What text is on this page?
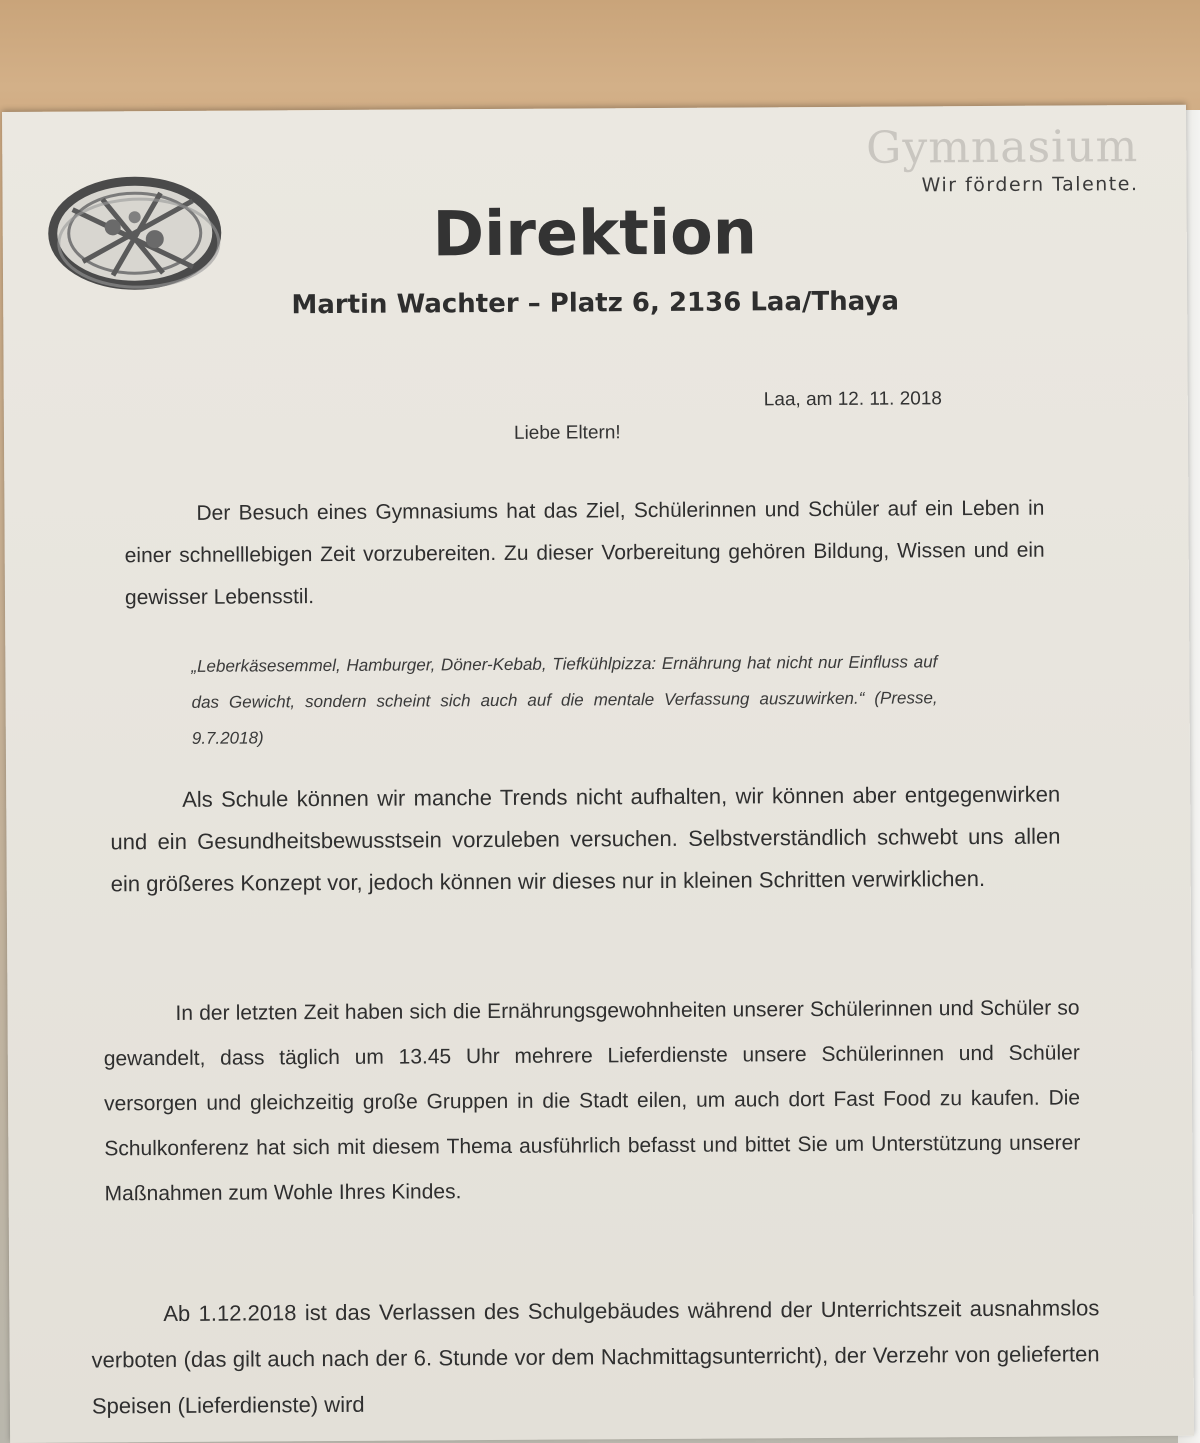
Gymnasium
Wir fördern Talente.
Direktion
Martin Wachter – Platz 6, 2136 Laa/Thaya
Laa, am 12. 11. 2018
Liebe Eltern!
Der Besuch eines Gymnasiums hat das Ziel, Schülerinnen und Schüler auf ein Leben in einer schnelllebigen Zeit vorzubereiten. Zu dieser Vorbereitung gehören Bildung, Wissen und ein gewisser Lebensstil.
„Leberkäsesemmel, Hamburger, Döner-Kebab, Tiefkühlpizza: Ernährung hat nicht nur Einfluss auf das Gewicht, sondern scheint sich auch auf die mentale Verfassung auszuwirken.“ (Presse, 9.7.2018)
Als Schule können wir manche Trends nicht aufhalten, wir können aber entgegenwirken und ein Gesundheitsbewusstsein vorzuleben versuchen. Selbstverständlich schwebt uns allen ein größeres Konzept vor, jedoch können wir dieses nur in kleinen Schritten verwirklichen.
In der letzten Zeit haben sich die Ernährungsgewohnheiten unserer Schülerinnen und Schüler so gewandelt, dass täglich um 13.45 Uhr mehrere Lieferdienste unsere Schülerinnen und Schüler versorgen und gleichzeitig große Gruppen in die Stadt eilen, um auch dort Fast Food zu kaufen. Die Schulkonferenz hat sich mit diesem Thema ausführlich befasst und bittet Sie um Unterstützung unserer Maßnahmen zum Wohle Ihres Kindes.
Ab 1.12.2018 ist das Verlassen des Schulgebäudes während der Unterrichtszeit ausnahmslos verboten (das gilt auch nach der 6. Stunde vor dem Nachmittagsunterricht), der Verzehr von gelieferten Speisen (Lieferdienste) wird
